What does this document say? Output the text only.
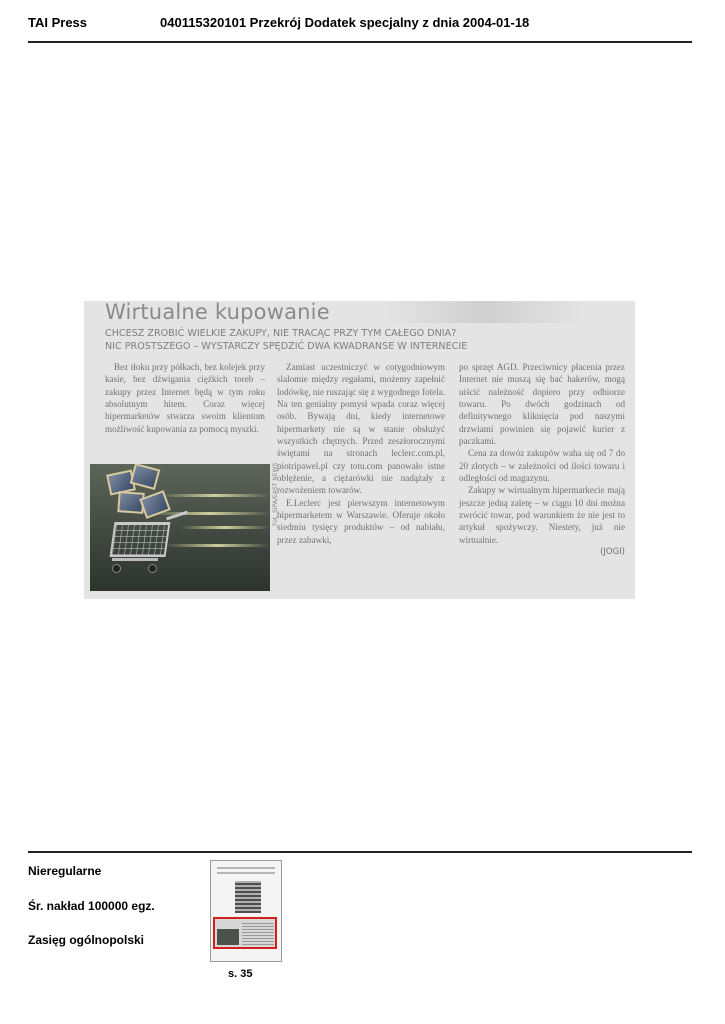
TAI Press	040115320101 Przekrój Dodatek specjalny z dnia 2004-01-18
Wirtualne kupowanie
CHCESZ ZROBIĆ WIELKIE ZAKUPY, NIE TRACĄC PRZY TYM CAŁEGO DNIA?
NIC PROSTSZEGO – WYSTARCZY SPĘDZIĆ DWA KWADRANSE W INTERNECIE

Bez tłoku przy półkach, bez kolejek przy kasie, bez dźwigania ciężkich toreb – zakupy przez Internet będą w tym roku absolutnym hitem. Coraz więcej hipermarketów stwarza swoim klientom możliwość kupowania za pomocą myszki.

Fot. SIPA/EAST NEWS

Zamiast uczestniczyć w cotygodniowym slalomie między regałami, możemy zapełnić lodówkę, nie ruszając się z wygodnego fotela. Na ten genialny pomysł wpada coraz więcej osób. Bywają dni, kiedy internetowe hipermarkety nie są w stanie obsłużyć wszystkich chętnych. Przed zeszłorocznymi świętami na stronach leclerc.com.pl, piotripawel.pl czy totu.com panowało istne oblężenie, a ciężarówki nie nadążały z rozwożeniem towarów.

E.Leclerc jest pierwszym internetowym hipermarketem w Warszawie. Oferuje około siedmiu tysięcy produktów – od nabiału, przez zabawki,

po sprzęt AGD. Przeciwnicy płacenia przez Internet nie muszą się bać hakerów, mogą uiścić należność dopiero przy odbiorze towaru. Po dwóch godzinach od definitywnego kliknięcia pod naszymi drzwiami powinien się pojawić kurier z paczkami.

Cena za dowóz zakupów waha się od 7 do 20 złotych – w zależności od ilości towaru i odległości od magazynu.

Zakupy w wirtualnym hipermarkecie mają jeszcze jedną zaletę – w ciągu 10 dni można zwrócić towar, pod warunkiem że nie jest to artykuł spożywczy. Niestety, już nie wirtualnie.

(JOGI)
Nieregularne
Śr. nakład 100000 egz.
Zasięg ogólnopolski
s. 35
